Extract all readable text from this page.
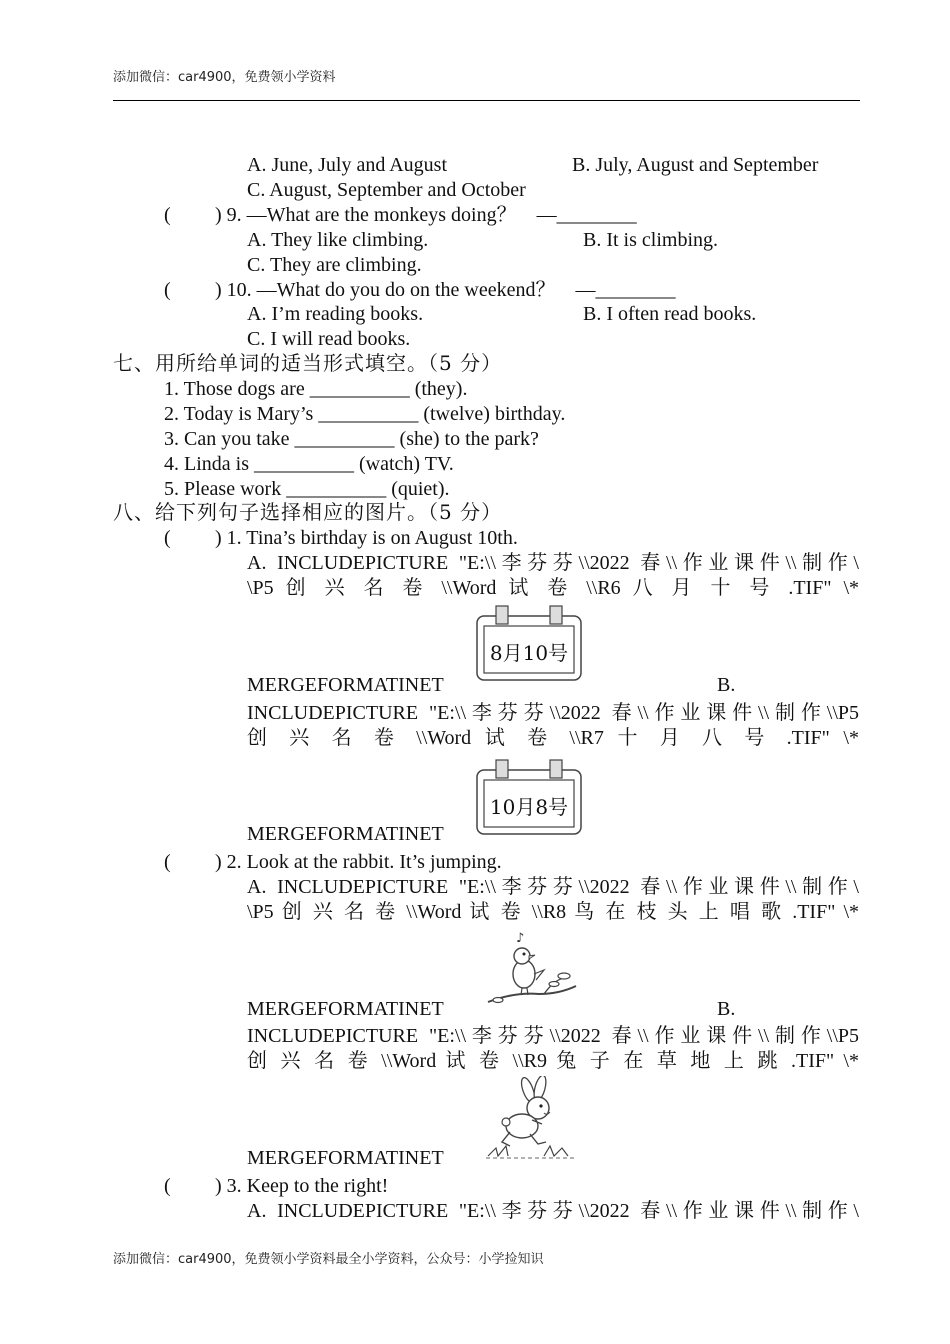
添加微信：car4900，免费领小学资料
A. June, July and August	B. July, August and September
C. August, September and October
( ) 9. —What are the monkeys doing？　—________
A. They like climbing.	B. It is climbing.
C. They are climbing.
( ) 10. —What do you do on the weekend？　—________
A. I’m reading books.	B. I often read books.
C. I will read books.
七、用所给单词的适当形式填空。（5 分）
1. Those dogs are __________ (they).
2. Today is Mary’s __________ (twelve) birthday.
3. Can you take __________ (she) to the park?
4. Linda is __________ (watch) TV.
5. Please work __________ (quiet).
八、给下列句子选择相应的图片。（5 分）
( ) 1. Tina’s birthday is on August 10th.
A. INCLUDEPICTURE "E:\\李芬芬\\2022 春\\作业课件\\制作\
\P5 创 兴 名 卷 \\Word 试 卷 \\R6 八 月 十 号 .TIF" \*
8月10号
MERGEFORMATINET	B.
INCLUDEPICTURE "E:\\李芬芬\\2022 春\\作业课件\\制作\\P5
创 兴 名 卷 \\Word 试 卷 \\R7 十 月 八 号 .TIF" \*
10月8号
MERGEFORMATINET
( ) 2. Look at the rabbit. It’s jumping.
A. INCLUDEPICTURE "E:\\李芬芬\\2022 春\\作业课件\\制作\
\P5 创 兴 名 卷 \\Word 试 卷 \\R8 鸟 在 枝 头 上 唱 歌 .TIF" \*
♪
MERGEFORMATINET	B.
INCLUDEPICTURE "E:\\李芬芬\\2022 春\\作业课件\\制作\\P5
创 兴 名 卷 \\Word 试 卷 \\R9 兔 子 在 草 地 上 跳 .TIF" \*
MERGEFORMATINET
( ) 3. Keep to the right!
A. INCLUDEPICTURE "E:\\李芬芬\\2022 春\\作业课件\\制作\
添加微信：car4900，免费领小学资料最全小学资料，公众号：小学捡知识
